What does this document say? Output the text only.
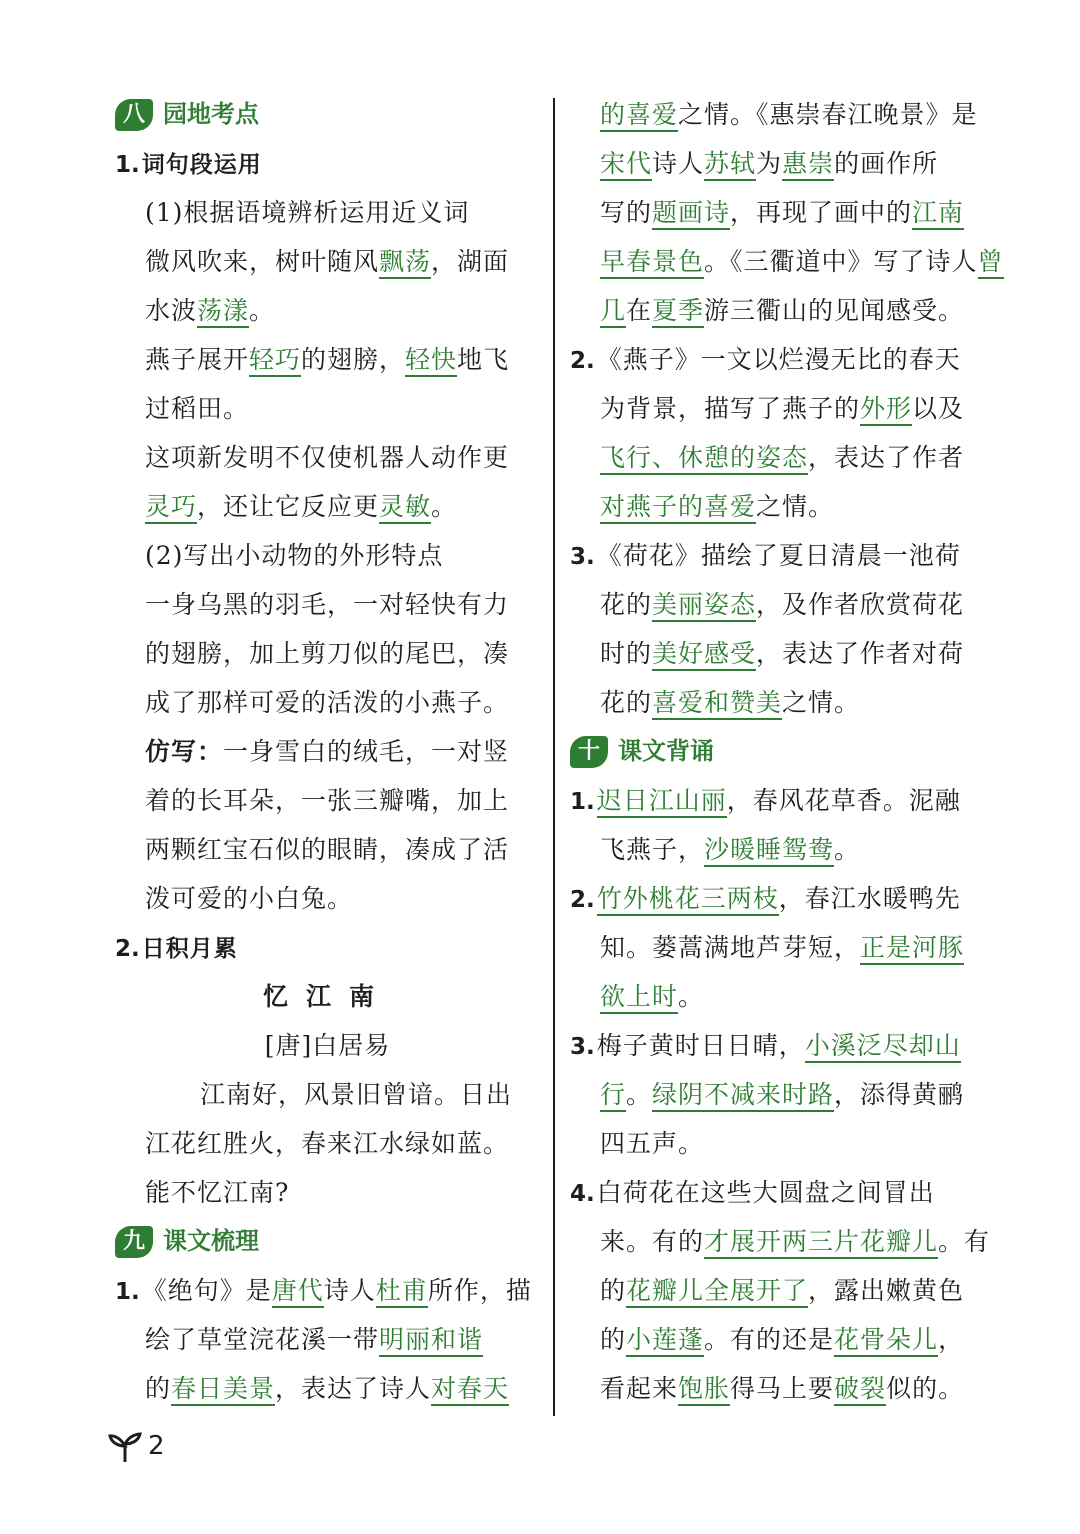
八 园地考点
1.词句段运用
(1)根据语境辨析运用近义词
微风吹来，树叶随风飘荡，湖面
水波荡漾。
燕子展开轻巧的翅膀，轻快地飞
过稻田。
这项新发明不仅使机器人动作更
灵巧，还让它反应更灵敏。
(2)写出小动物的外形特点
一身乌黑的羽毛，一对轻快有力
的翅膀，加上剪刀似的尾巴，凑
成了那样可爱的活泼的小燕子。
仿写：一身雪白的绒毛，一对竖
着的长耳朵，一张三瓣嘴，加上
两颗红宝石似的眼睛，凑成了活
泼可爱的小白兔。
2.日积月累
忆江南
[唐]白居易
江南好，风景旧曾谙。日出
江花红胜火，春来江水绿如蓝。
能不忆江南?
九 课文梳理
1.《绝句》是唐代诗人杜甫所作，描
绘了草堂浣花溪一带明丽和谐
的春日美景，表达了诗人对春天
的喜爱之情。《惠崇春江晚景》是
宋代诗人苏轼为惠崇的画作所
写的题画诗，再现了画中的江南
早春景色。《三衢道中》写了诗人曾
几在夏季游三衢山的见闻感受。
2.《燕子》一文以烂漫无比的春天
为背景，描写了燕子的外形以及
飞行、休憩的姿态，表达了作者
对燕子的喜爱之情。
3.《荷花》描绘了夏日清晨一池荷
花的美丽姿态，及作者欣赏荷花
时的美好感受，表达了作者对荷
花的喜爱和赞美之情。
十 课文背诵
1.迟日江山丽，春风花草香。泥融
飞燕子，沙暖睡鸳鸯。
2.竹外桃花三两枝，春江水暖鸭先
知。蒌蒿满地芦芽短，正是河豚
欲上时。
3.梅子黄时日日晴，小溪泛尽却山
行。绿阴不减来时路，添得黄鹂
四五声。
4.白荷花在这些大圆盘之间冒出
来。有的才展开两三片花瓣儿。有
的花瓣儿全展开了，露出嫩黄色
的小莲蓬。有的还是花骨朵儿，
看起来饱胀得马上要破裂似的。
2
